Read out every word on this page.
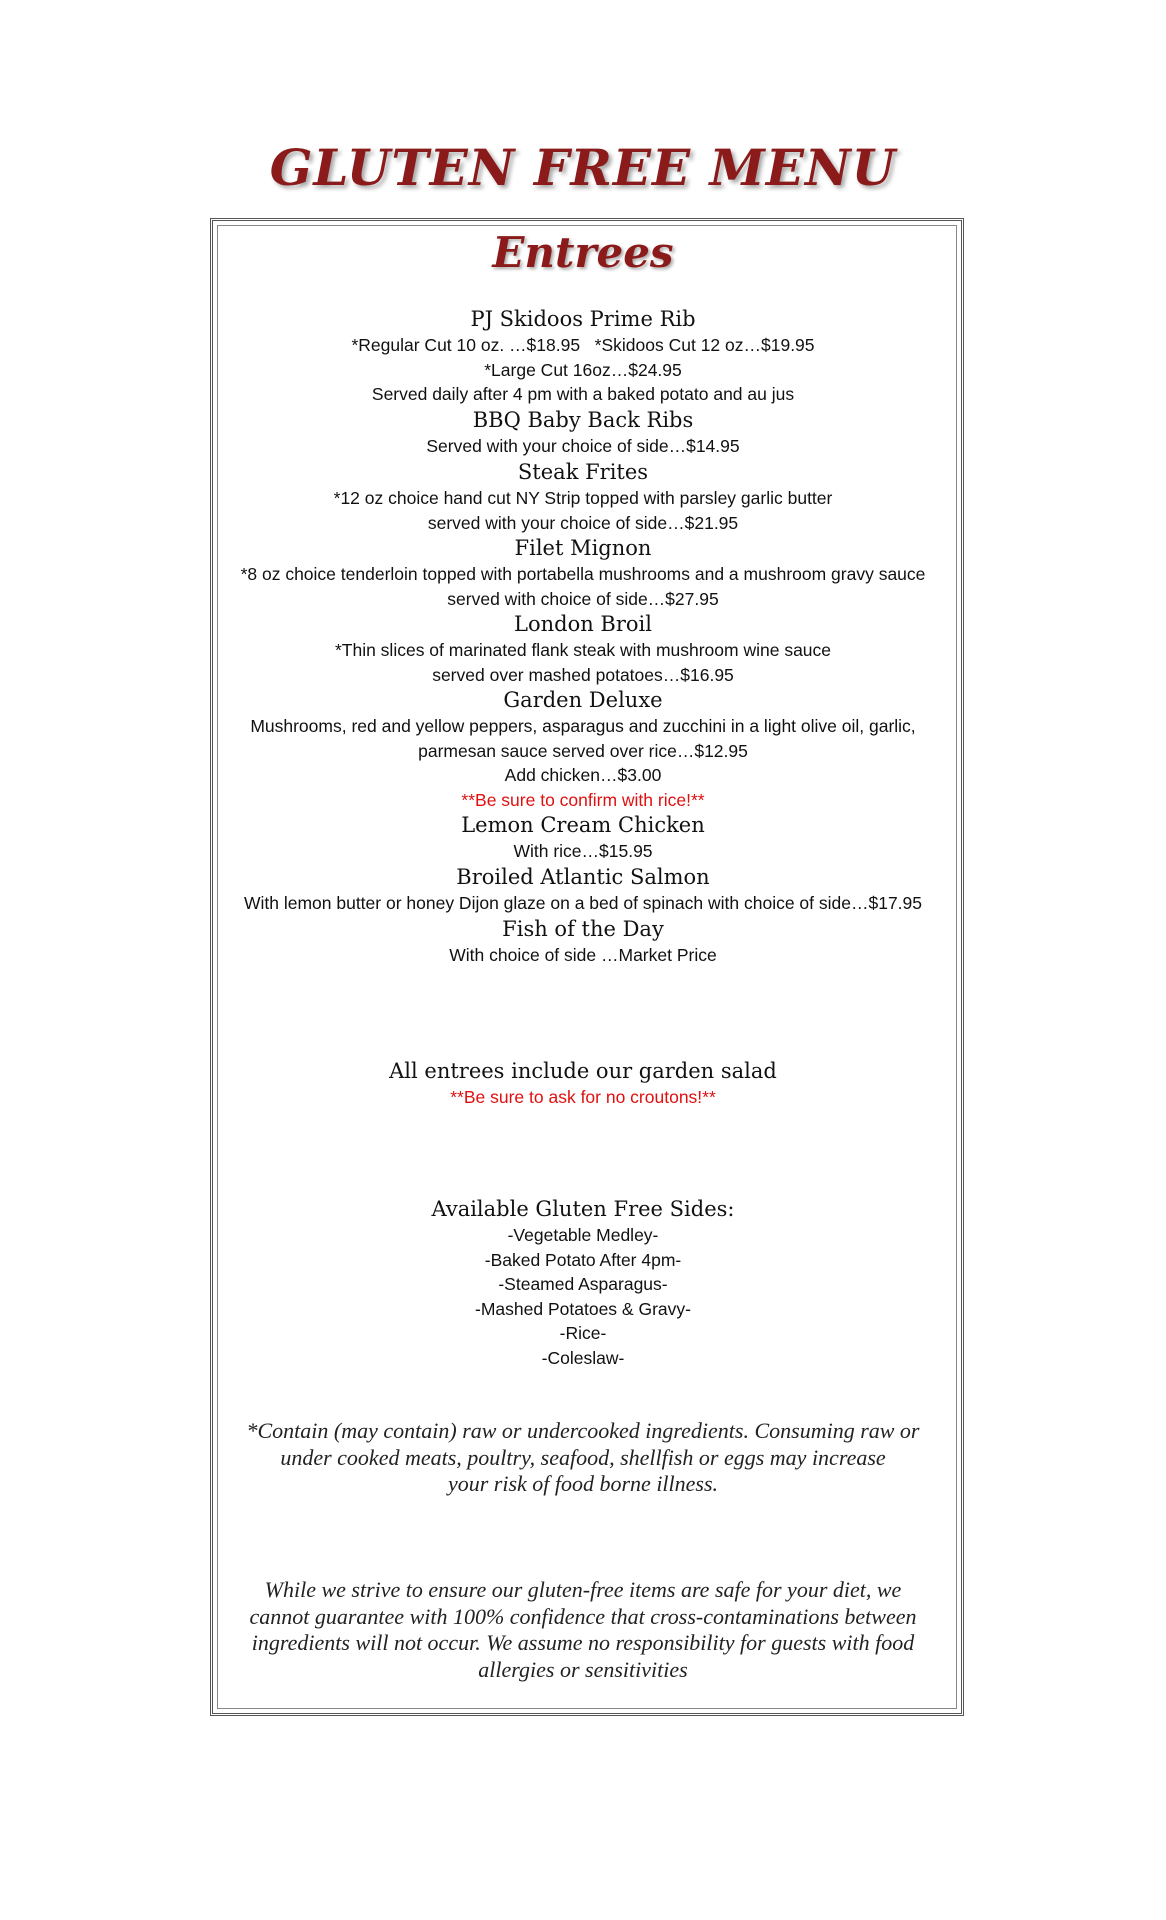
GLUTEN FREE MENU
Entrees
PJ Skidoos Prime Rib
*Regular Cut 10 oz. …$18.95   *Skidoos Cut 12 oz…$19.95
*Large Cut 16oz…$24.95
Served daily after 4 pm with a baked potato and au jus
BBQ Baby Back Ribs
Served with your choice of side…$14.95
Steak Frites
*12 oz choice hand cut NY Strip topped with parsley garlic butter
served with your choice of side…$21.95
Filet Mignon
*8 oz choice tenderloin topped with portabella mushrooms and a mushroom gravy sauce
served with choice of side…$27.95
London Broil
*Thin slices of marinated flank steak with mushroom wine sauce
served over mashed potatoes…$16.95
Garden Deluxe
Mushrooms, red and yellow peppers, asparagus and zucchini in a light olive oil, garlic,
parmesan sauce served over rice…$12.95
Add chicken…$3.00
**Be sure to confirm with rice!**
Lemon Cream Chicken
With rice…$15.95
Broiled Atlantic Salmon
With lemon butter or honey Dijon glaze on a bed of spinach with choice of side…$17.95
Fish of the Day
With choice of side …Market Price
All entrees include our garden salad
**Be sure to ask for no croutons!**
Available Gluten Free Sides:
-Vegetable Medley-
-Baked Potato After 4pm-
-Steamed Asparagus-
-Mashed Potatoes & Gravy-
-Rice-
-Coleslaw-
*Contain (may contain) raw or undercooked ingredients. Consuming raw or
under cooked meats, poultry, seafood, shellfish or eggs may increase
your risk of food borne illness.
While we strive to ensure our gluten-free items are safe for your diet, we
cannot guarantee with 100% confidence that cross-contaminations between
ingredients will not occur. We assume no responsibility for guests with food
allergies or sensitivities
